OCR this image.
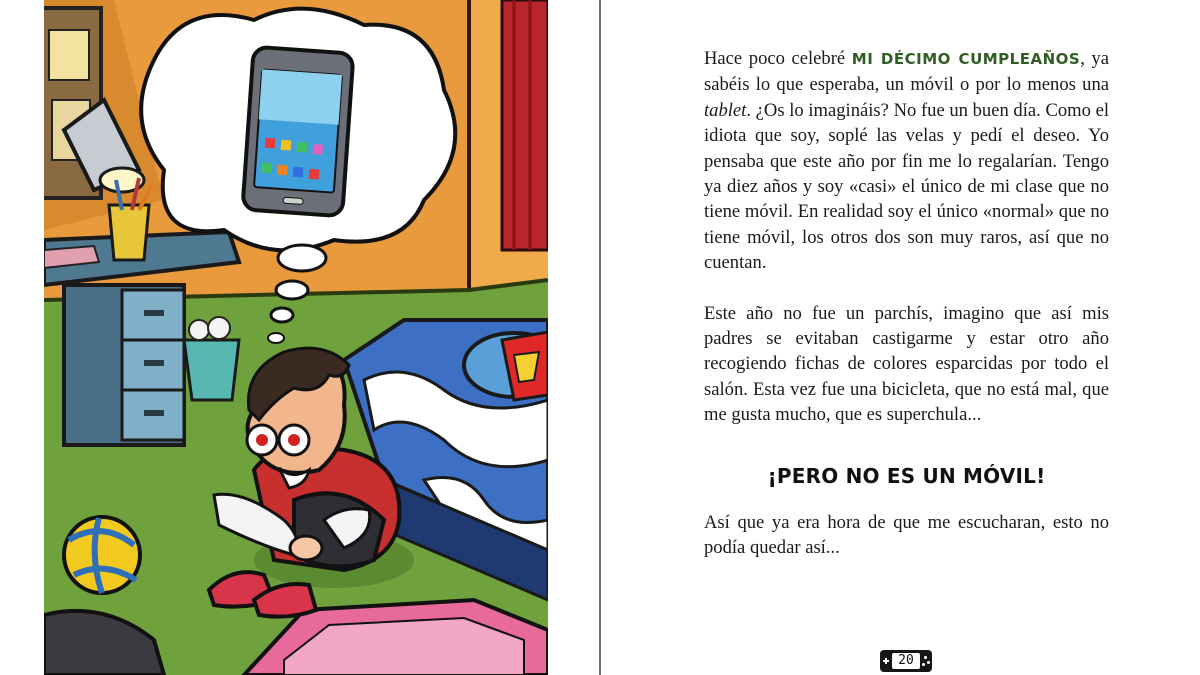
Hace poco celebré MI DÉCIMO CUMPLEAÑOS, ya sabéis lo que esperaba, un móvil o por lo menos una tablet. ¿Os lo imagináis? No fue un buen día. Como el idiota que soy, soplé las velas y pedí el deseo. Yo pensaba que este año por fin me lo regalarían. Tengo ya diez años y soy «casi» el único de mi clase que no tiene móvil. En realidad soy el único «normal» que no tiene móvil, los otros dos son muy raros, así que no cuentan.

Este año no fue un parchís, imagino que así mis padres se evitaban castigarme y estar otro año recogiendo fichas de colores esparcidas por todo el salón. Esta vez fue una bicicleta, que no está mal, que me gusta mucho, que es superchula...

¡PERO NO ES UN MÓVIL!

Así que ya era hora de que me escucharan, esto no podía quedar así...

20
